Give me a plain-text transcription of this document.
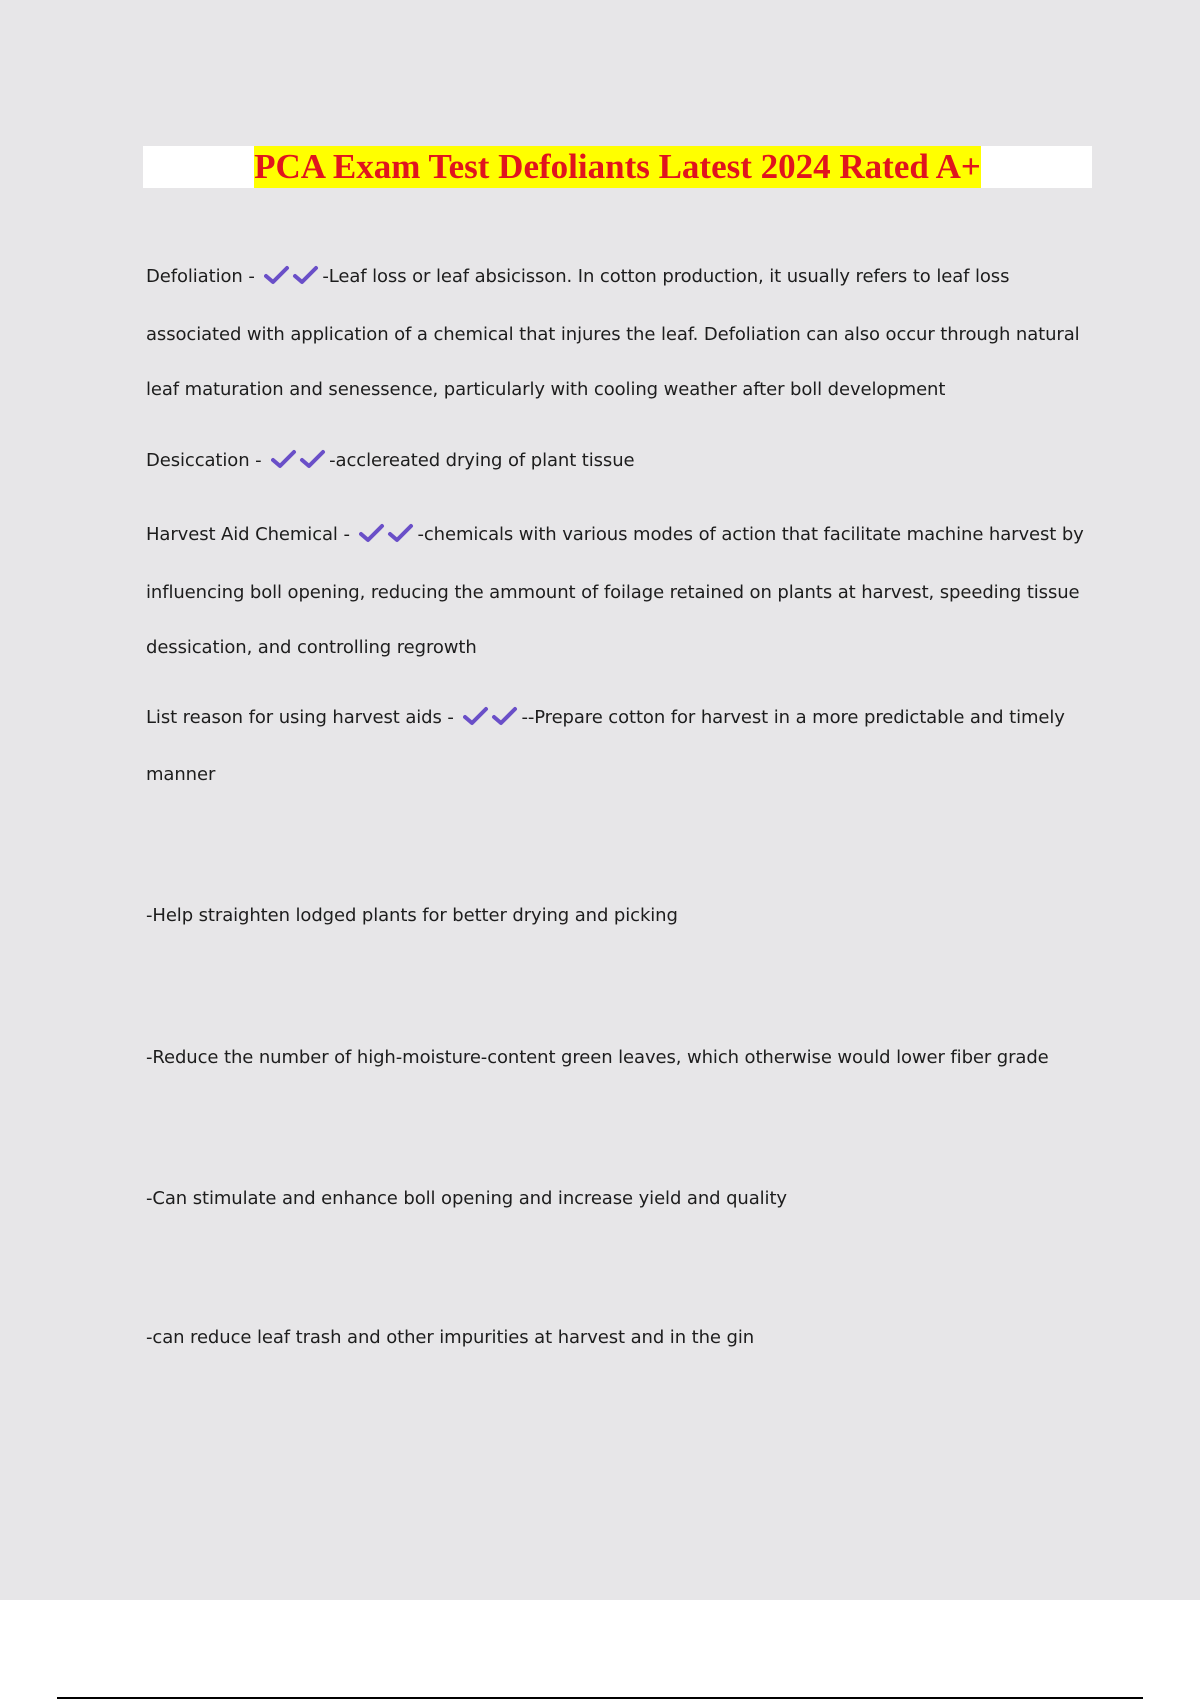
PCA Exam Test Defoliants Latest 2024 Rated A+

Defoliation -	-Leaf loss or leaf absicisson. In cotton production, it usually refers to leaf loss associated with application of a chemical that injures the leaf. Defoliation can also occur through natural leaf maturation and senessence, particularly with cooling weather after boll development

Desiccation -	-acclereated drying of plant tissue

Harvest Aid Chemical -	-chemicals with various modes of action that facilitate machine harvest by influencing boll opening, reducing the ammount of foilage retained on plants at harvest, speeding tissue dessication, and controlling regrowth

List reason for using harvest aids -	--Prepare cotton for harvest in a more predictable and timely manner

-Help straighten lodged plants for better drying and picking

-Reduce the number of high-moisture-content green leaves, which otherwise would lower fiber grade

-Can stimulate and enhance boll opening and increase yield and quality

-can reduce leaf trash and other impurities at harvest and in the gin
